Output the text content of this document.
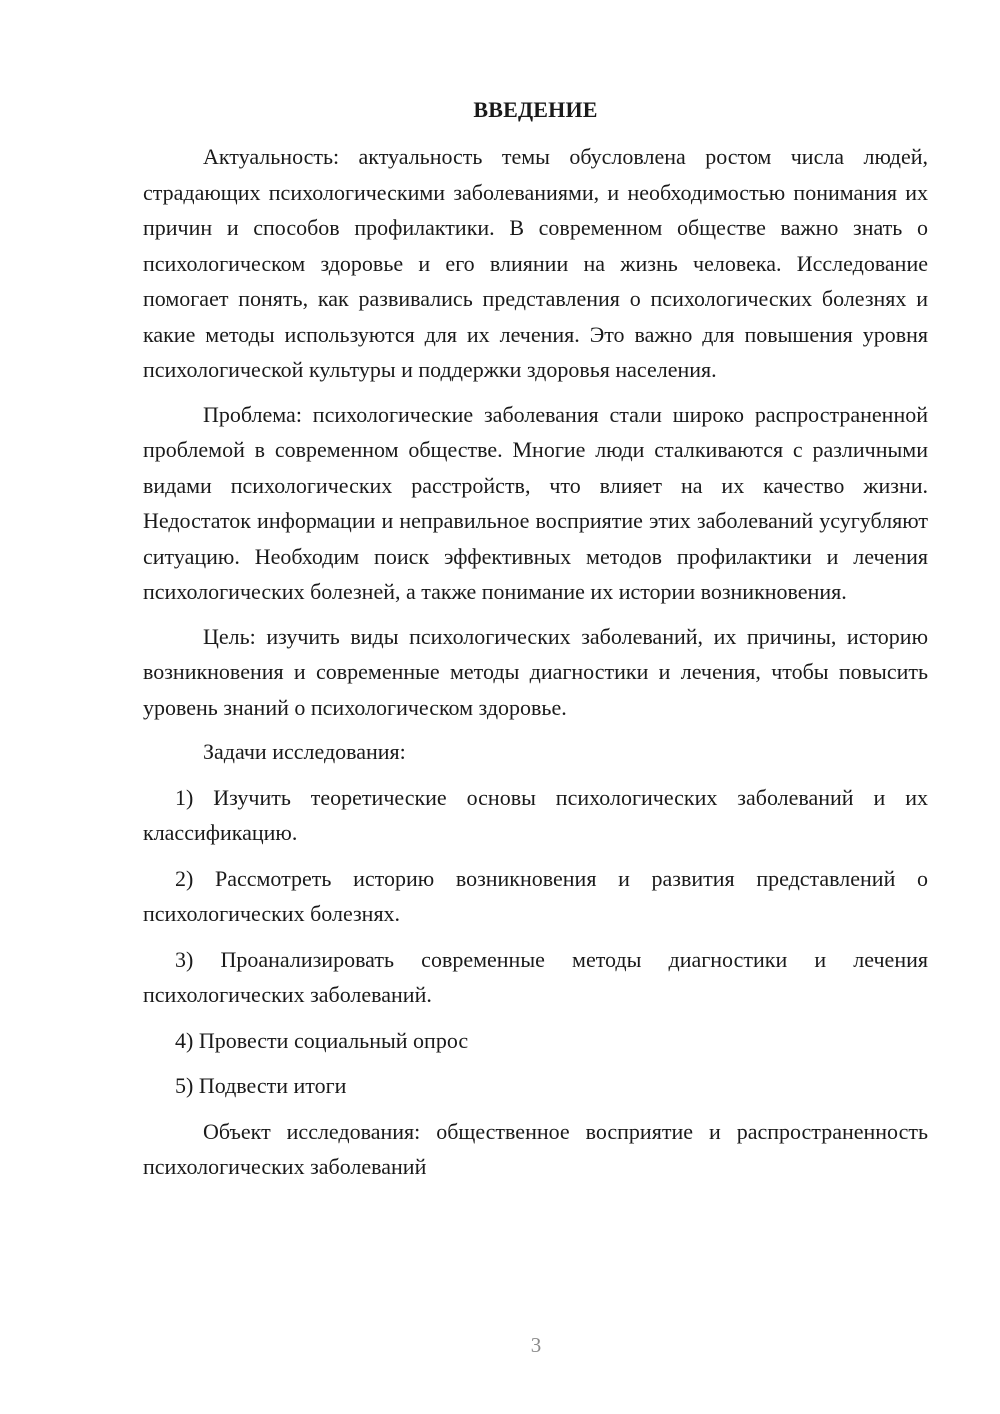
ВВЕДЕНИЕ

Актуальность: актуальность темы обусловлена ростом числа людей, страдающих психологическими заболеваниями, и необходимостью понимания их причин и способов профилактики. В современном обществе важно знать о психологическом здоровье и его влиянии на жизнь человека. Исследование помогает понять, как развивались представления о психологических болезнях и какие методы используются для их лечения. Это важно для повышения уровня психологической культуры и поддержки здоровья населения.

Проблема: психологические заболевания стали широко распространенной проблемой в современном обществе. Многие люди сталкиваются с различными видами психологических расстройств, что влияет на их качество жизни. Недостаток информации и неправильное восприятие этих заболеваний усугубляют ситуацию. Необходим поиск эффективных методов профилактики и лечения психологических болезней, а также понимание их истории возникновения.

Цель: изучить виды психологических заболеваний, их причины, историю возникновения и современные методы диагностики и лечения, чтобы повысить уровень знаний о психологическом здоровье.

Задачи исследования:

1) Изучить теоретические основы психологических заболеваний и их классификацию.

2) Рассмотреть историю возникновения и развития представлений о психологических болезнях.

3) Проанализировать современные методы диагностики и лечения психологических заболеваний.

4) Провести социальный опрос

5) Подвести итоги

Объект исследования: общественное восприятие и распространенность психологических заболеваний

3
